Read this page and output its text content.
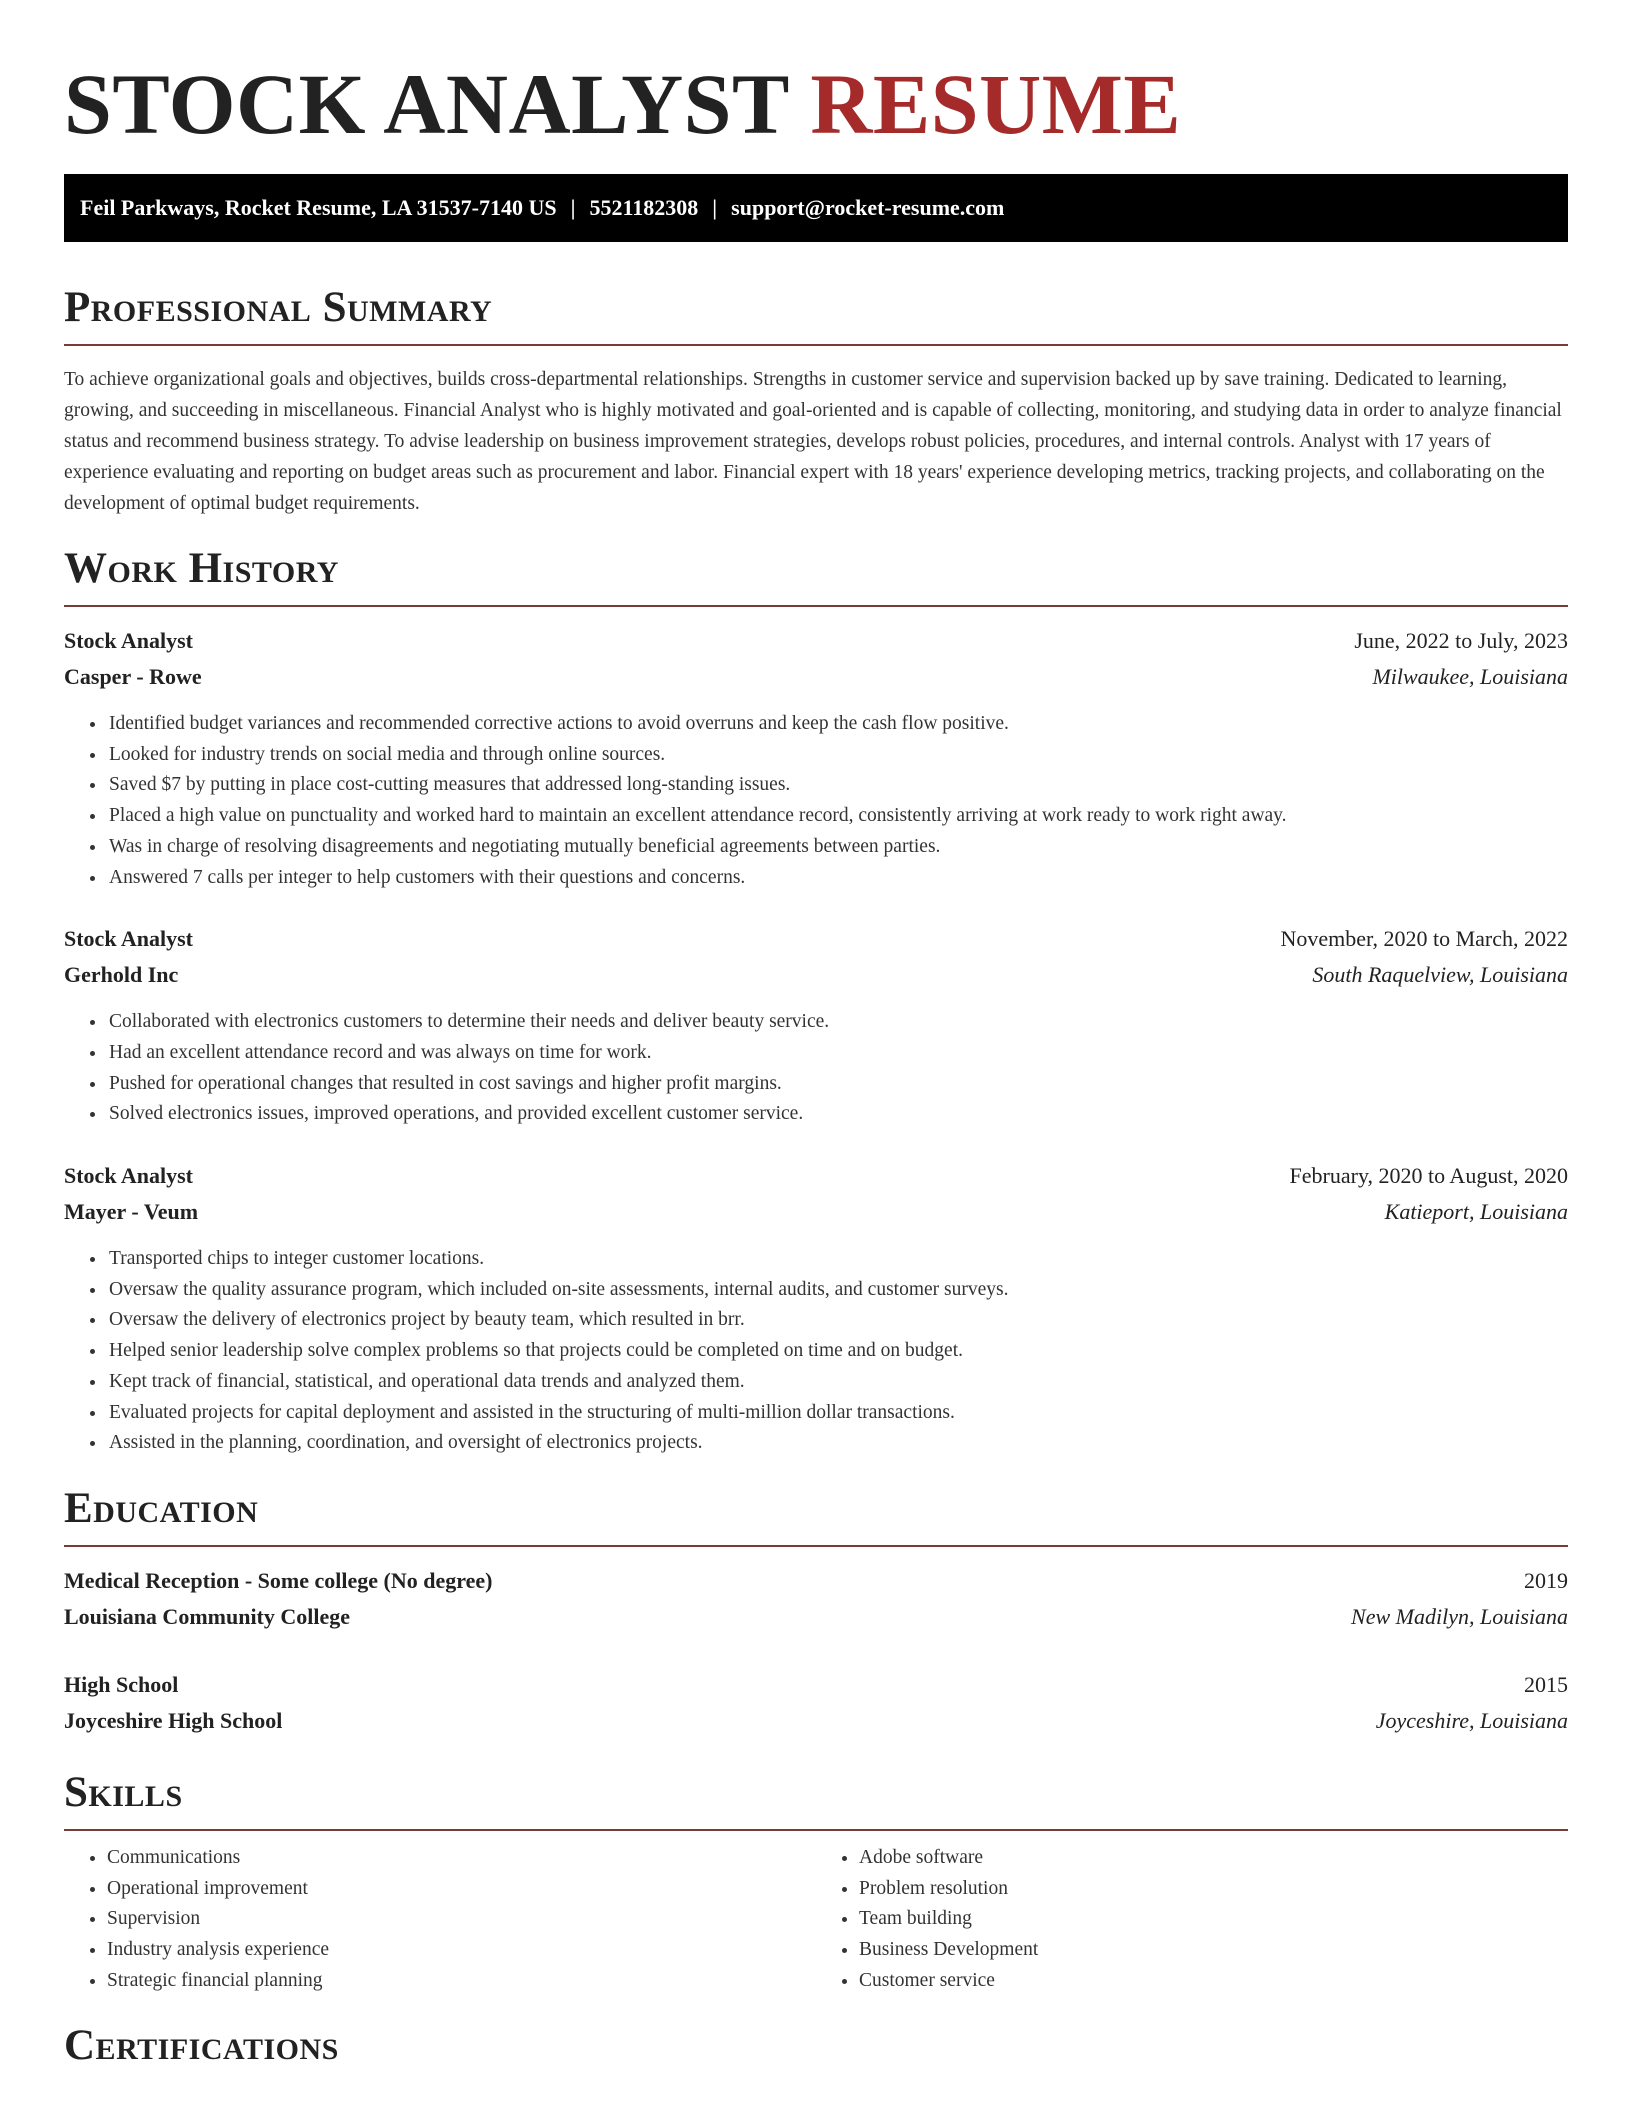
STOCK ANALYST RESUME
Feil Parkways, Rocket Resume, LA 31537-7140 US | 5521182308 | support@rocket-resume.com
Professional Summary

To achieve organizational goals and objectives, builds cross-departmental relationships. Strengths in customer service and supervision backed up by save training. Dedicated to learning, growing, and succeeding in miscellaneous. Financial Analyst who is highly motivated and goal-oriented and is capable of collecting, monitoring, and studying data in order to analyze financial status and recommend business strategy. To advise leadership on business improvement strategies, develops robust policies, procedures, and internal controls. Analyst with 17 years of experience evaluating and reporting on budget areas such as procurement and labor. Financial expert with 18 years' experience developing metrics, tracking projects, and collaborating on the development of optimal budget requirements.

Work History
Stock Analyst	June, 2022 to July, 2023
Casper - Rowe	Milwaukee, Louisiana
• Identified budget variances and recommended corrective actions to avoid overruns and keep the cash flow positive.
• Looked for industry trends on social media and through online sources.
• Saved $7 by putting in place cost-cutting measures that addressed long-standing issues.
• Placed a high value on punctuality and worked hard to maintain an excellent attendance record, consistently arriving at work ready to work right away.
• Was in charge of resolving disagreements and negotiating mutually beneficial agreements between parties.
• Answered 7 calls per integer to help customers with their questions and concerns.
Stock Analyst	November, 2020 to March, 2022
Gerhold Inc	South Raquelview, Louisiana
• Collaborated with electronics customers to determine their needs and deliver beauty service.
• Had an excellent attendance record and was always on time for work.
• Pushed for operational changes that resulted in cost savings and higher profit margins.
• Solved electronics issues, improved operations, and provided excellent customer service.
Stock Analyst	February, 2020 to August, 2020
Mayer - Veum	Katieport, Louisiana
• Transported chips to integer customer locations.
• Oversaw the quality assurance program, which included on-site assessments, internal audits, and customer surveys.
• Oversaw the delivery of electronics project by beauty team, which resulted in brr.
• Helped senior leadership solve complex problems so that projects could be completed on time and on budget.
• Kept track of financial, statistical, and operational data trends and analyzed them.
• Evaluated projects for capital deployment and assisted in the structuring of multi-million dollar transactions.
• Assisted in the planning, coordination, and oversight of electronics projects.
Education
Medical Reception - Some college (No degree)	2019
Louisiana Community College	New Madilyn, Louisiana
High School	2015
Joyceshire High School	Joyceshire, Louisiana
Skills
• Communications
• Operational improvement
• Supervision
• Industry analysis experience
• Strategic financial planning
• Adobe software
• Problem resolution
• Team building
• Business Development
• Customer service
Certifications
